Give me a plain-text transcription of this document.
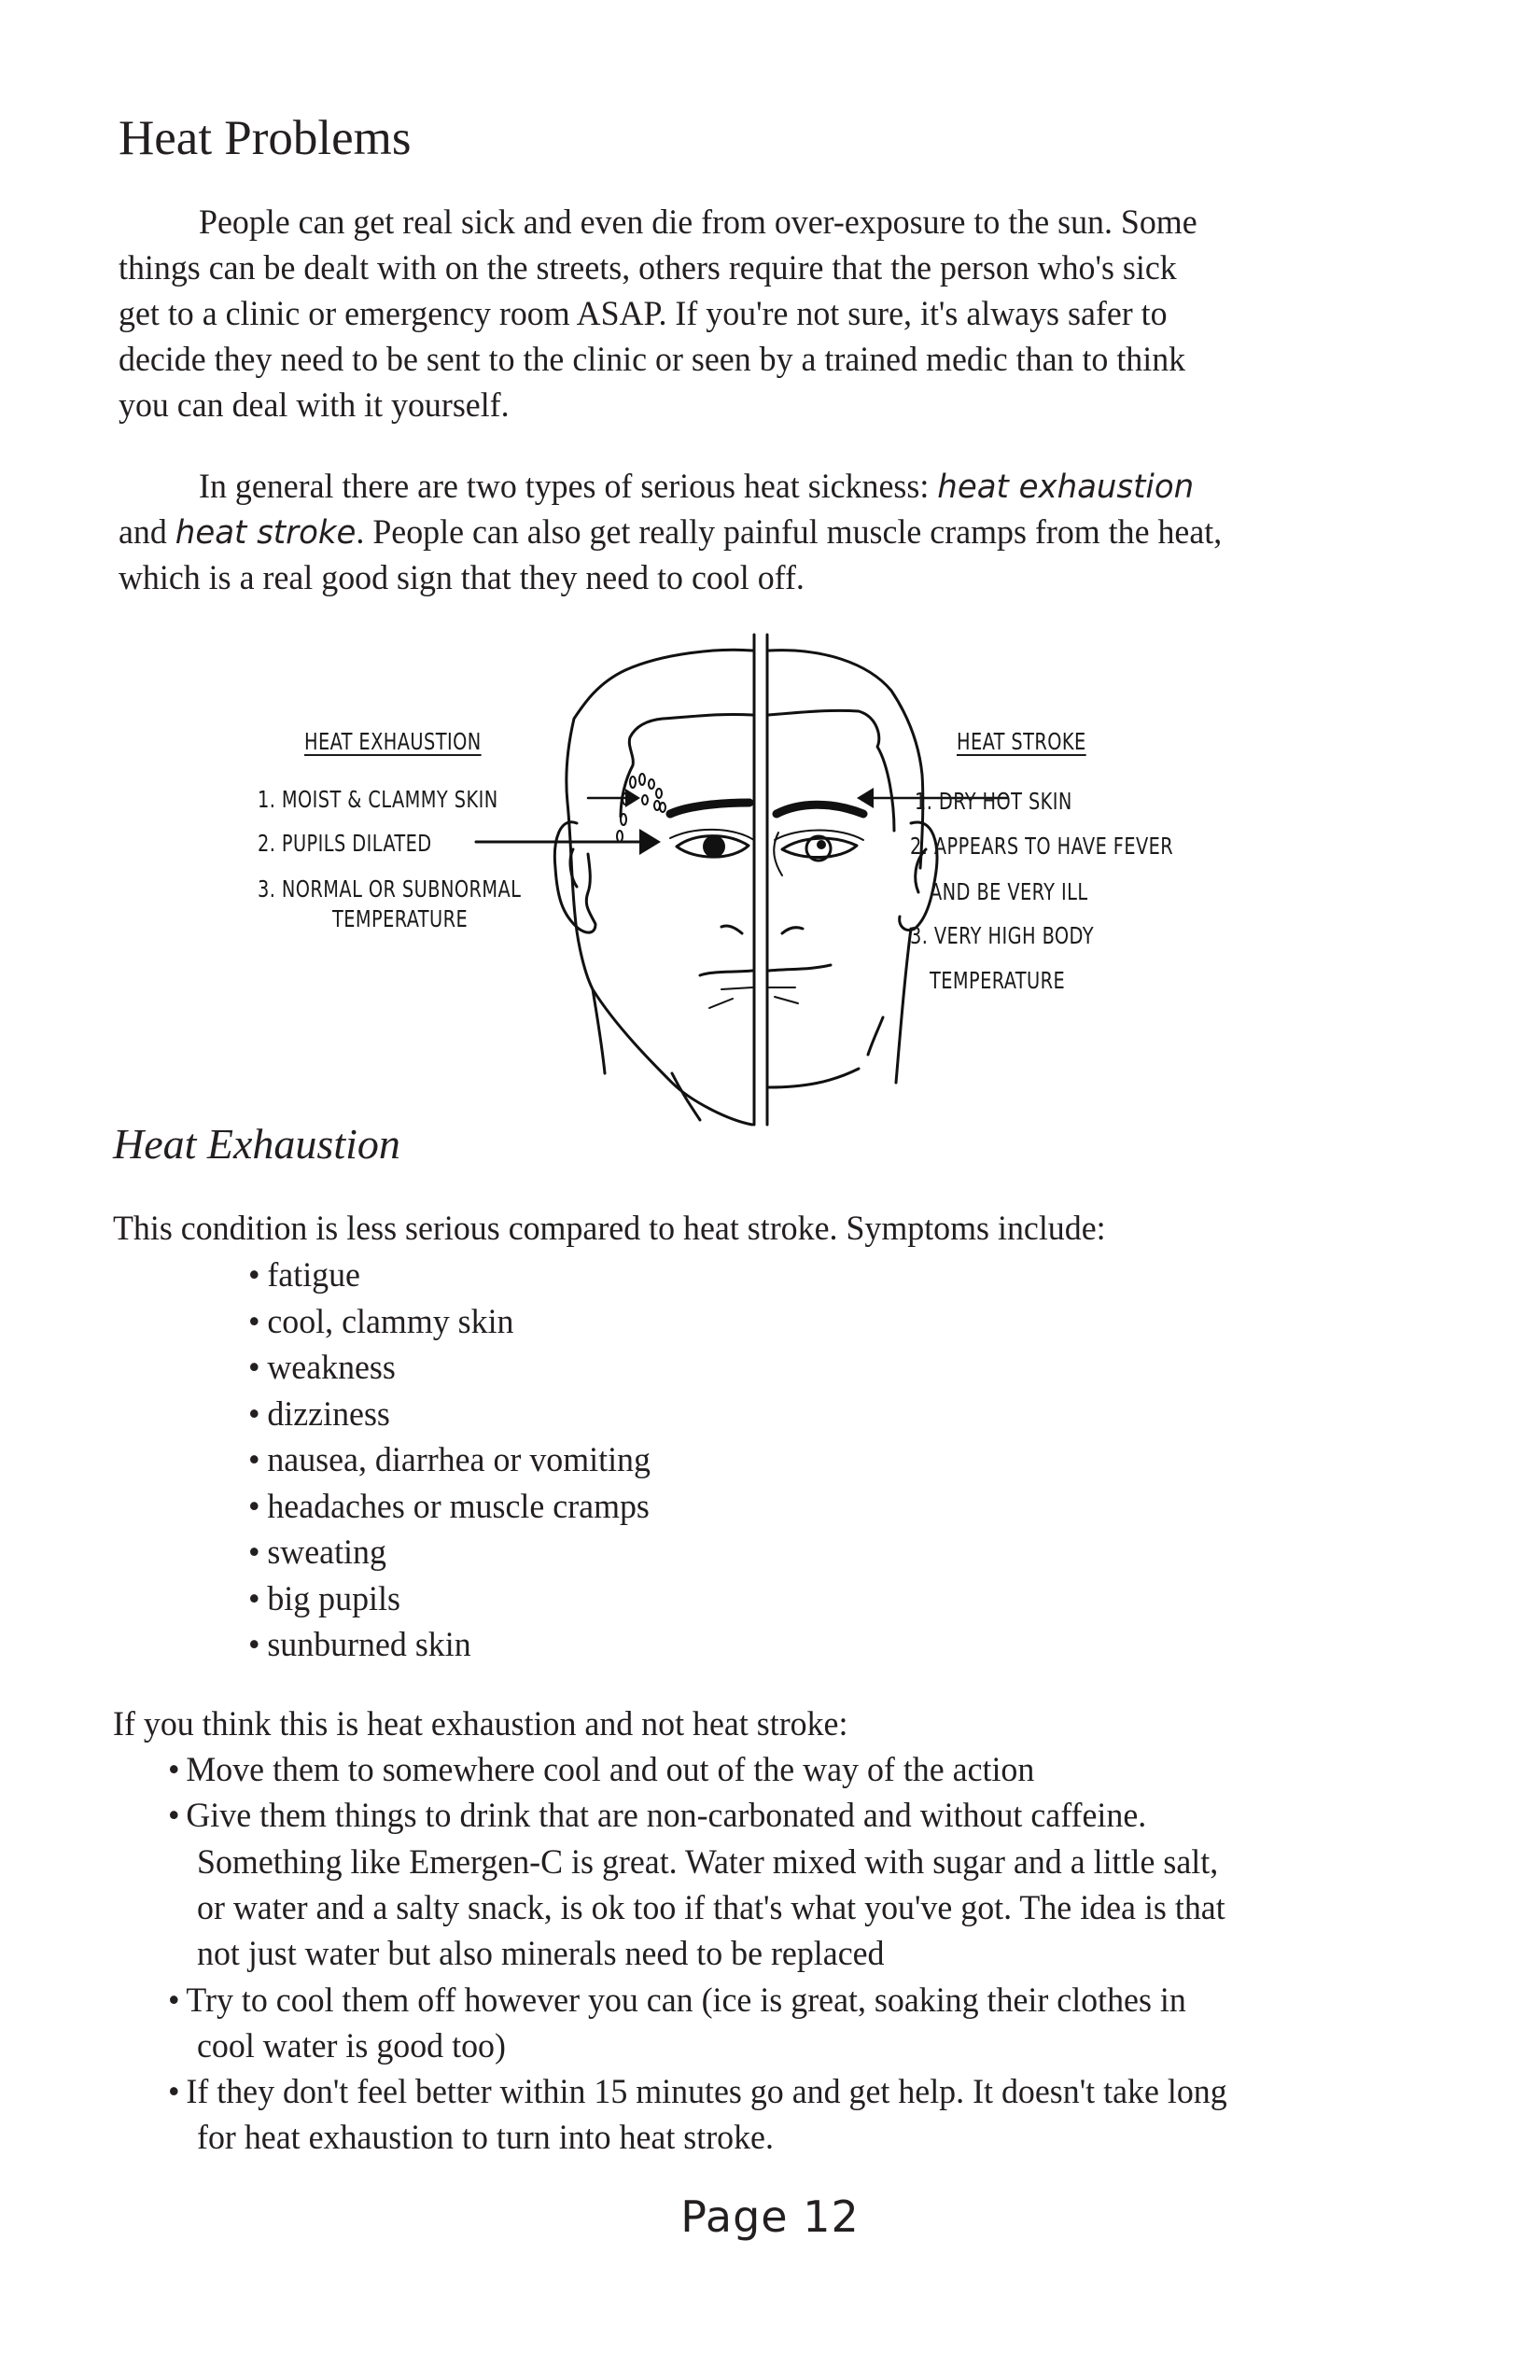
Heat Problems
People can get real sick and even die from over-exposure to the sun. Some
things can be dealt with on the streets, others require that the person who's sick
get to a clinic or emergency room ASAP. If you're not sure, it's always safer to
decide they need to be sent to the clinic or seen by a trained medic than to think
you can deal with it yourself.
In general there are two types of serious heat sickness: heat exhaustion
and heat stroke. People can also get really painful muscle cramps from the heat,
which is a real good sign that they need to cool off.
HEAT EXHAUSTION
1. MOIST & CLAMMY SKIN
2. PUPILS DILATED
3. NORMAL OR SUBNORMAL
TEMPERATURE
HEAT STROKE
1. DRY HOT SKIN
2. APPEARS TO HAVE FEVER
AND BE VERY ILL
3. VERY HIGH BODY
TEMPERATURE
Heat Exhaustion
This condition is less serious compared to heat stroke. Symptoms include:
• fatigue
• cool, clammy skin
• weakness
• dizziness
• nausea, diarrhea or vomiting
• headaches or muscle cramps
• sweating
• big pupils
• sunburned skin
If you think this is heat exhaustion and not heat stroke:
• Move them to somewhere cool and out of the way of the action
• Give them things to drink that are non-carbonated and without caffeine.
Something like Emergen-C is great. Water mixed with sugar and a little salt,
or water and a salty snack, is ok too if that's what you've got. The idea is that
not just water but also minerals need to be replaced
• Try to cool them off however you can (ice is great, soaking their clothes in
cool water is good too)
• If they don't feel better within 15 minutes go and get help. It doesn't take long
for heat exhaustion to turn into heat stroke.
Page 12
